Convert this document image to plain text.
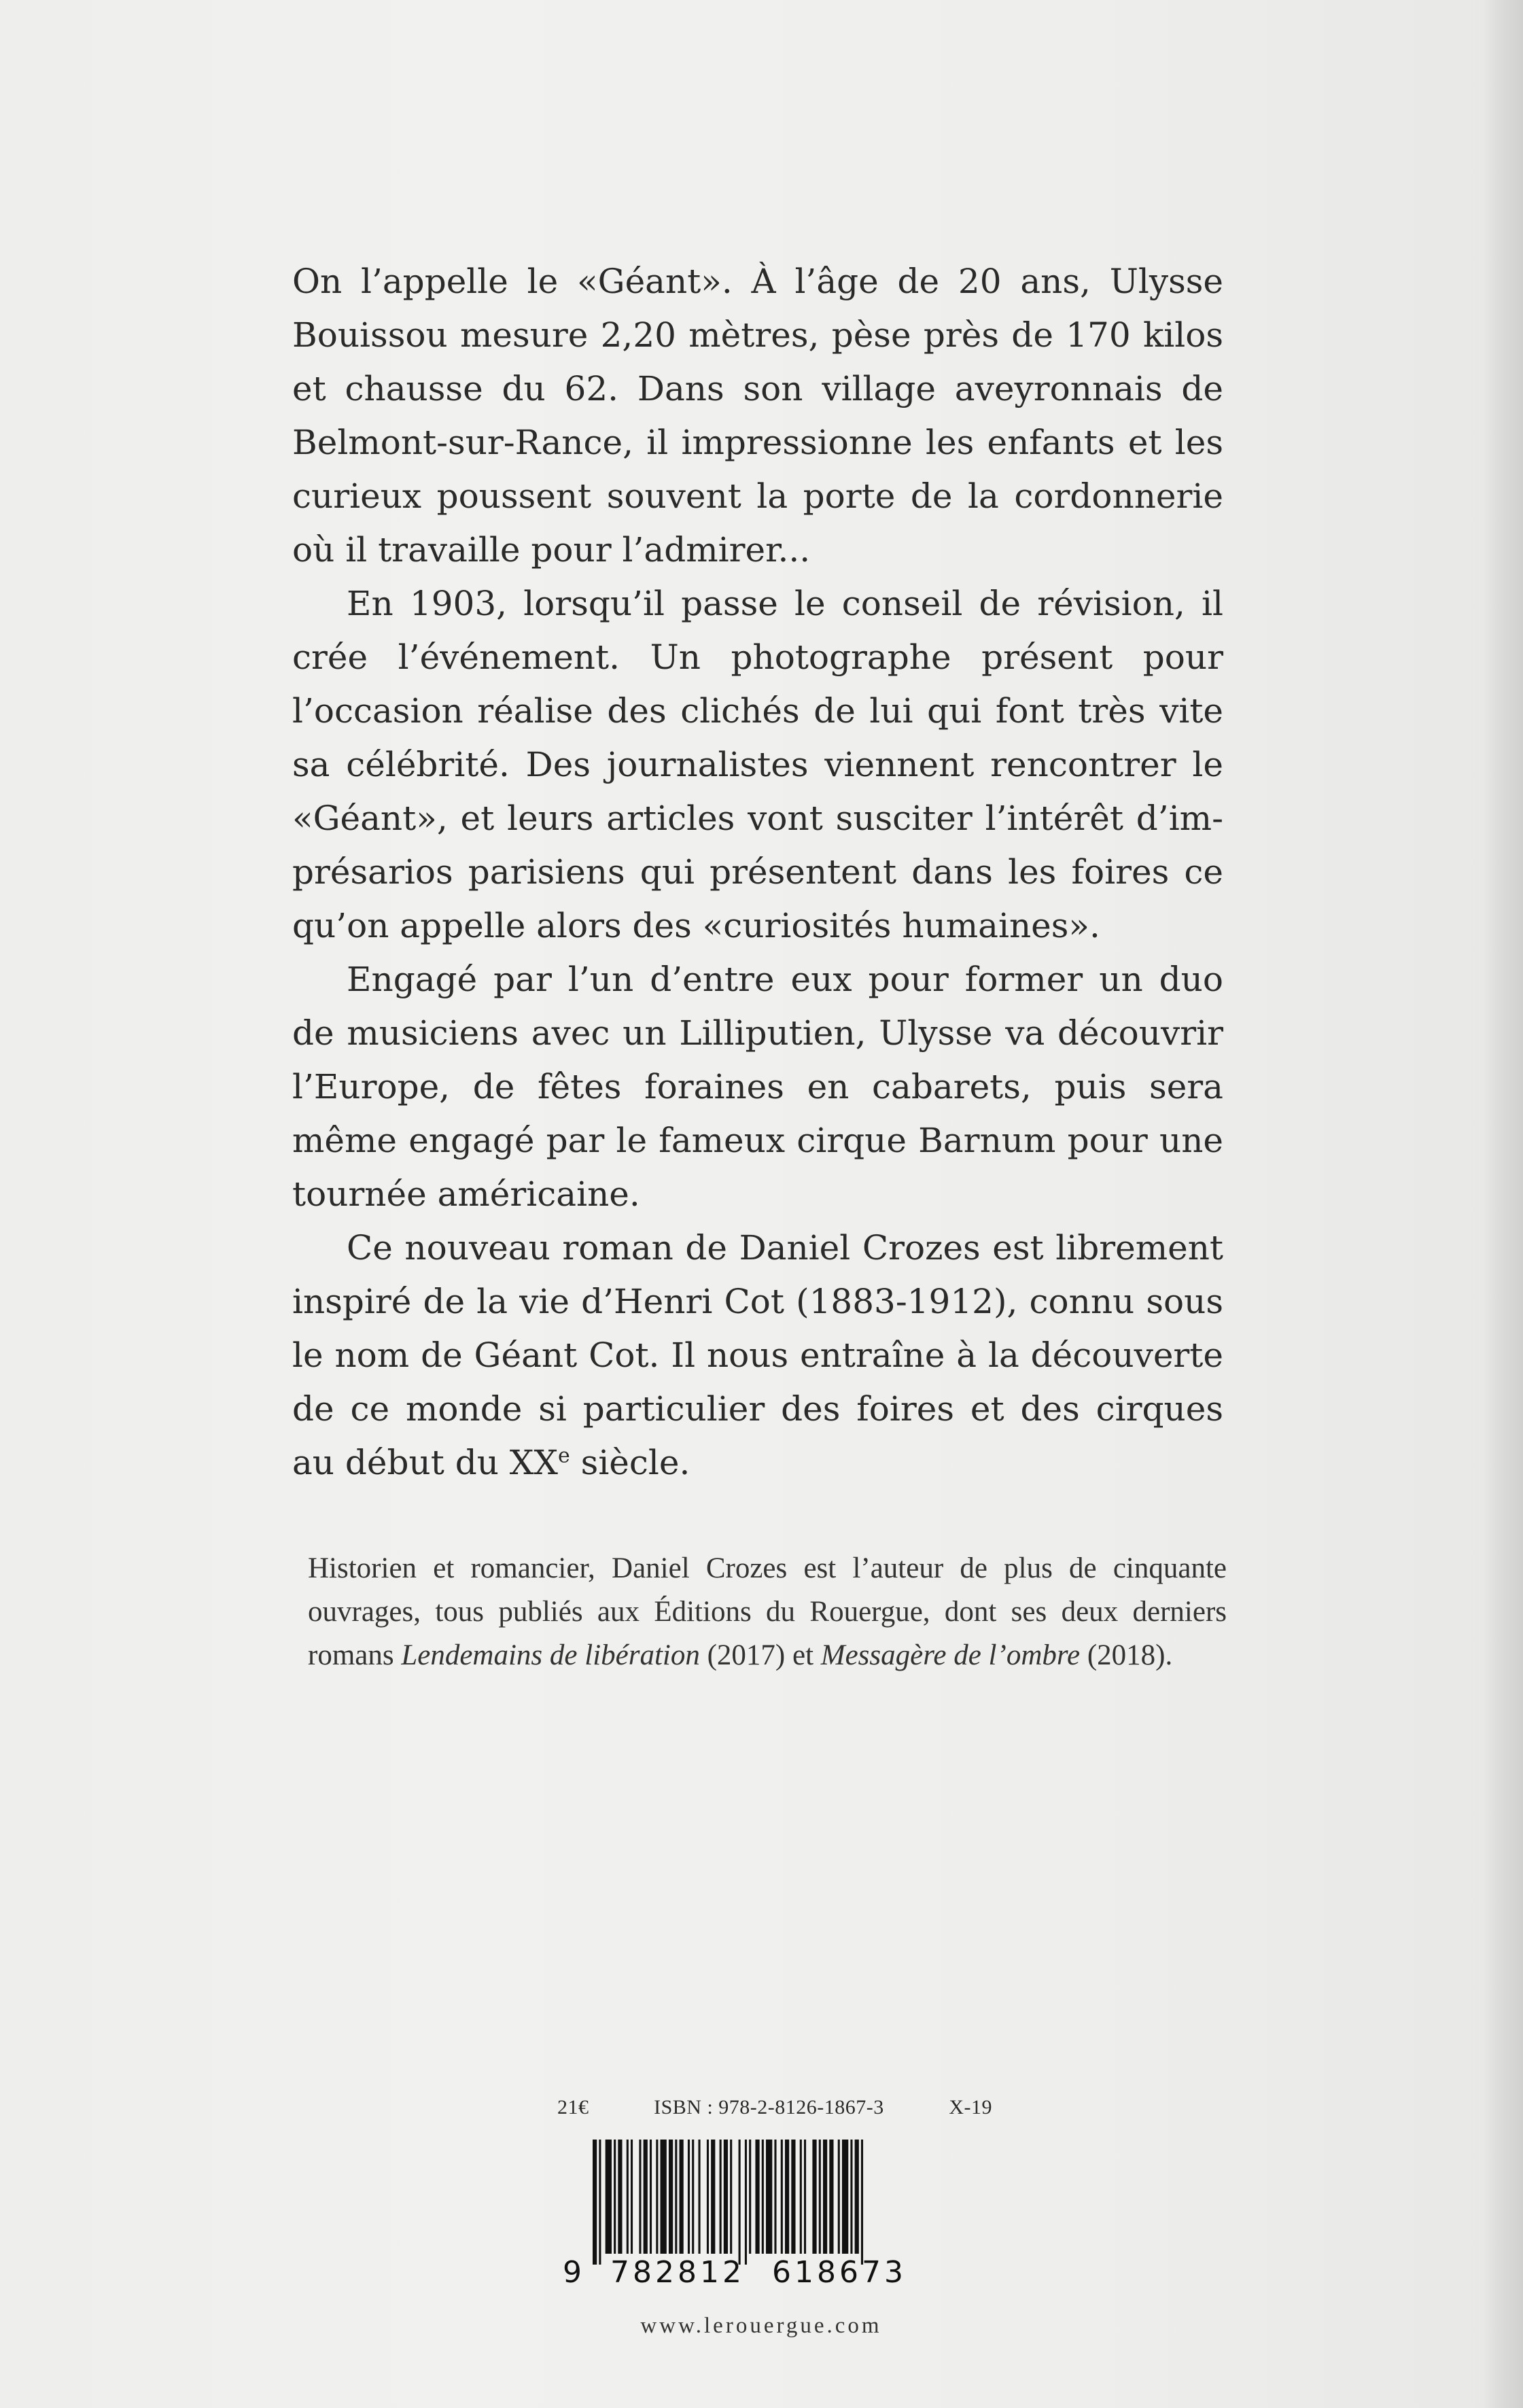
On l’appelle le «Géant». À l’âge de 20 ans, Ulysse Bouissou mesure 2,20 mètres, pèse près de 170 kilos et chausse du 62. Dans son village aveyronnais de Belmont-sur-Rance, il impressionne les enfants et les curieux poussent souvent la porte de la cordonnerie où il travaille pour l’admirer...

En 1903, lorsqu’il passe le conseil de révision, il crée l’événement. Un photographe présent pour l’occasion réalise des clichés de lui qui font très vite sa célébrité. Des journalistes viennent rencontrer le «Géant», et leurs articles vont susciter l’intérêt d’imprésarios parisiens qui présentent dans les foires ce qu’on appelle alors des «curiosités humaines».

Engagé par l’un d’entre eux pour former un duo de musiciens avec un Lilliputien, Ulysse va découvrir l’Europe, de fêtes foraines en cabarets, puis sera même engagé par le fameux cirque Barnum pour une tournée américaine.

Ce nouveau roman de Daniel Crozes est librement inspiré de la vie d’Henri Cot (1883-1912), connu sous le nom de Géant Cot. Il nous entraîne à la découverte de ce monde si particulier des foires et des cirques au début du XXe siècle.

Historien et romancier, Daniel Crozes est l’auteur de plus de cinquante ouvrages, tous publiés aux Éditions du Rouergue, dont ses deux derniers romans Lendemains de libération (2017) et Messagère de l’ombre (2018).

21€	ISBN : 978-2-8126-1867-3	X-19
9 782812 618673
www.lerouergue.com
